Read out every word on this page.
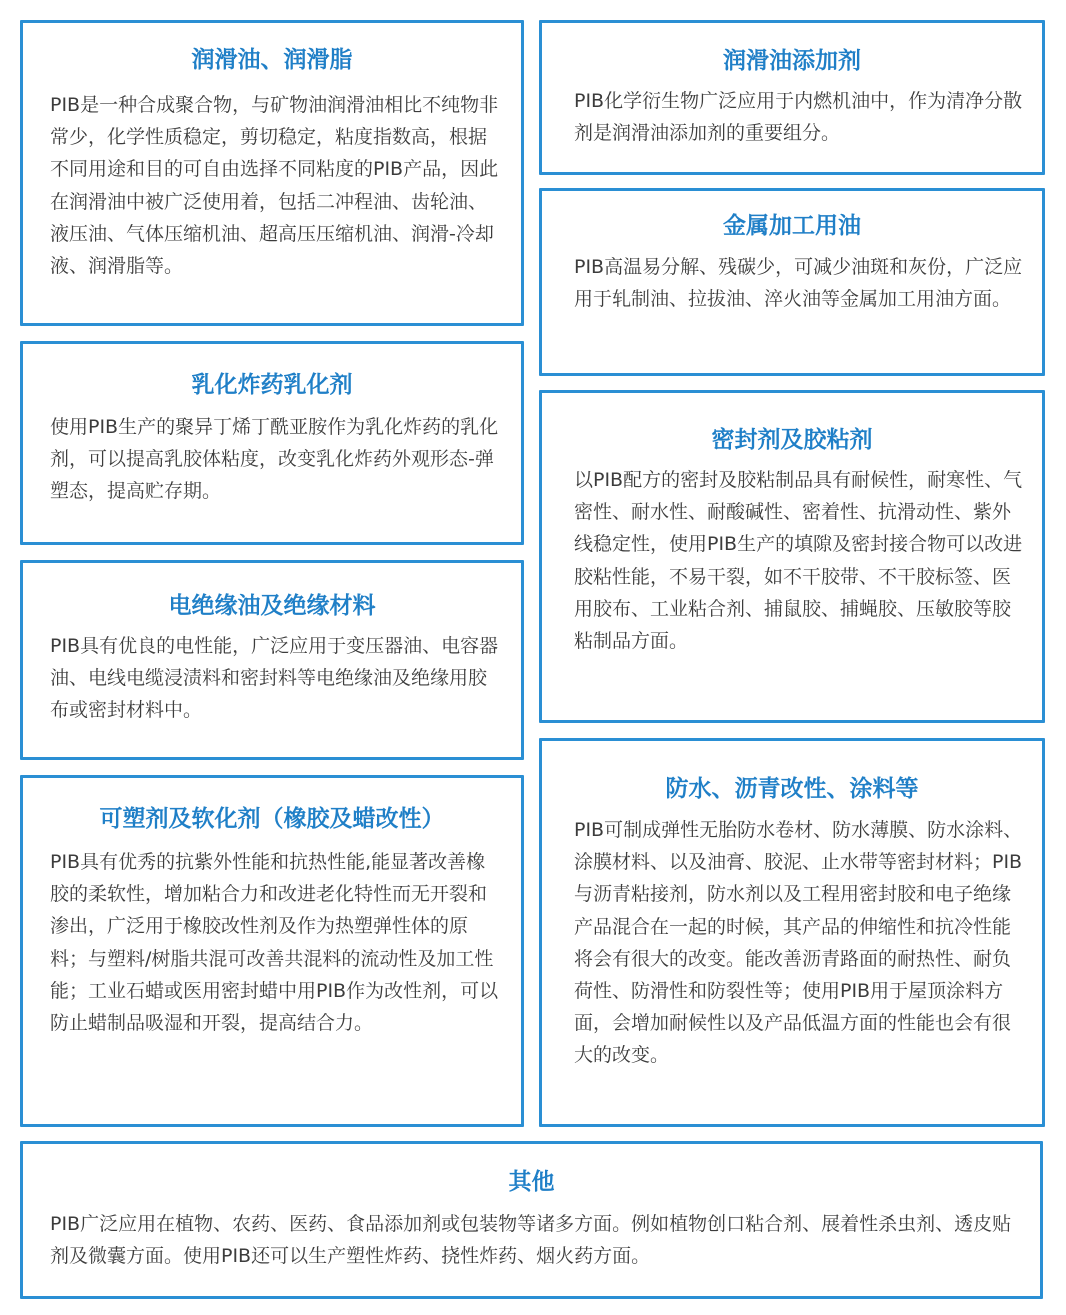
润滑油、润滑脂

PIB是一种合成聚合物，与矿物油润滑油相比不纯物非常少，化学性质稳定，剪切稳定，粘度指数高，根据不同用途和目的可自由选择不同粘度的PIB产品，因此在润滑油中被广泛使用着，包括二冲程油、齿轮油、液压油、气体压缩机油、超高压压缩机油、润滑-冷却液、润滑脂等。

乳化炸药乳化剂

使用PIB生产的聚异丁烯丁酰亚胺作为乳化炸药的乳化剂，可以提高乳胶体粘度，改变乳化炸药外观形态-弹塑态，提高贮存期。

电绝缘油及绝缘材料

PIB具有优良的电性能，广泛应用于变压器油、电容器油、电线电缆浸渍料和密封料等电绝缘油及绝缘用胶布或密封材料中。

可塑剂及软化剂（橡胶及蜡改性）

PIB具有优秀的抗紫外性能和抗热性能,能显著改善橡胶的柔软性，增加粘合力和改进老化特性而无开裂和渗出，广泛用于橡胶改性剂及作为热塑弹性体的原料；与塑料/树脂共混可改善共混料的流动性及加工性能；工业石蜡或医用密封蜡中用PIB作为改性剂，可以防止蜡制品吸湿和开裂，提高结合力。

润滑油添加剂

PIB化学衍生物广泛应用于内燃机油中，作为清净分散剂是润滑油添加剂的重要组分。

金属加工用油

PIB高温易分解、残碳少，可减少油斑和灰份，广泛应用于轧制油、拉拔油、淬火油等金属加工用油方面。

密封剂及胶粘剂

以PIB配方的密封及胶粘制品具有耐候性，耐寒性、气密性、耐水性、耐酸碱性、密着性、抗滑动性、紫外线稳定性，使用PIB生产的填隙及密封接合物可以改进胶粘性能，不易干裂，如不干胶带、不干胶标签、医用胶布、工业粘合剂、捕鼠胶、捕蝇胶、压敏胶等胶粘制品方面。

防水、沥青改性、涂料等

PIB可制成弹性无胎防水卷材、防水薄膜、防水涂料、涂膜材料、以及油膏、胶泥、止水带等密封材料；PIB与沥青粘接剂，防水剂以及工程用密封胶和电子绝缘产品混合在一起的时候，其产品的伸缩性和抗冷性能将会有很大的改变。能改善沥青路面的耐热性、耐负荷性、防滑性和防裂性等；使用PIB用于屋顶涂料方面，会增加耐候性以及产品低温方面的性能也会有很大的改变。

其他

PIB广泛应用在植物、农药、医药、食品添加剂或包装物等诸多方面。例如植物创口粘合剂、展着性杀虫剂、透皮贴剂及微囊方面。使用PIB还可以生产塑性炸药、挠性炸药、烟火药方面。
